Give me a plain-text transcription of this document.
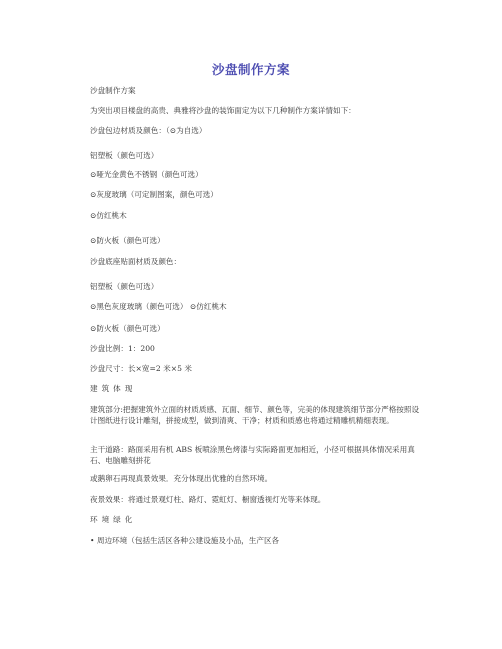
沙盘制作方案
沙盘制作方案
为突出项目楼盘的高贵、典雅将沙盘的装饰面定为以下几种制作方案详情如下：
沙盘包边材质及颜色：（⊙为自选）
铝塑板（颜色可选）
⊙哑光金黄色不锈钢（颜色可选）
⊙灰度玻璃（可定制图案，颜色可选）
⊙仿红桃木
⊙防火板（颜色可选）
沙盘底座贴面材质及颜色：
铝塑板（颜色可选）
⊙黑色灰度玻璃（颜色可选） ⊙仿红桃木
⊙防火板（颜色可选）
沙盘比例：1：200
沙盘尺寸：长×宽=2 米×5 米
建筑体现
建筑部分:把握建筑外立面的材质质感、瓦面、细节、颜色等，完美的体现建筑细节部分严格按照设计图纸进行设计雕刻，拼接成型，做到清爽、干净；材质和质感也将通过精雕机精细表现。
主干道路：路面采用有机 ABS 板喷涂黑色烤漆与实际路面更加相近，小径可根据具体情况采用真石、电脑雕刻拼花
或鹅卵石再现真景效果．充分体现出优雅的自然环境。
夜景效果：将通过景观灯柱、路灯、霓虹灯、橱窗透视灯光等来体现。
环境绿化
• 周边环境（包括生活区各种公建设施及小品，生产区各
